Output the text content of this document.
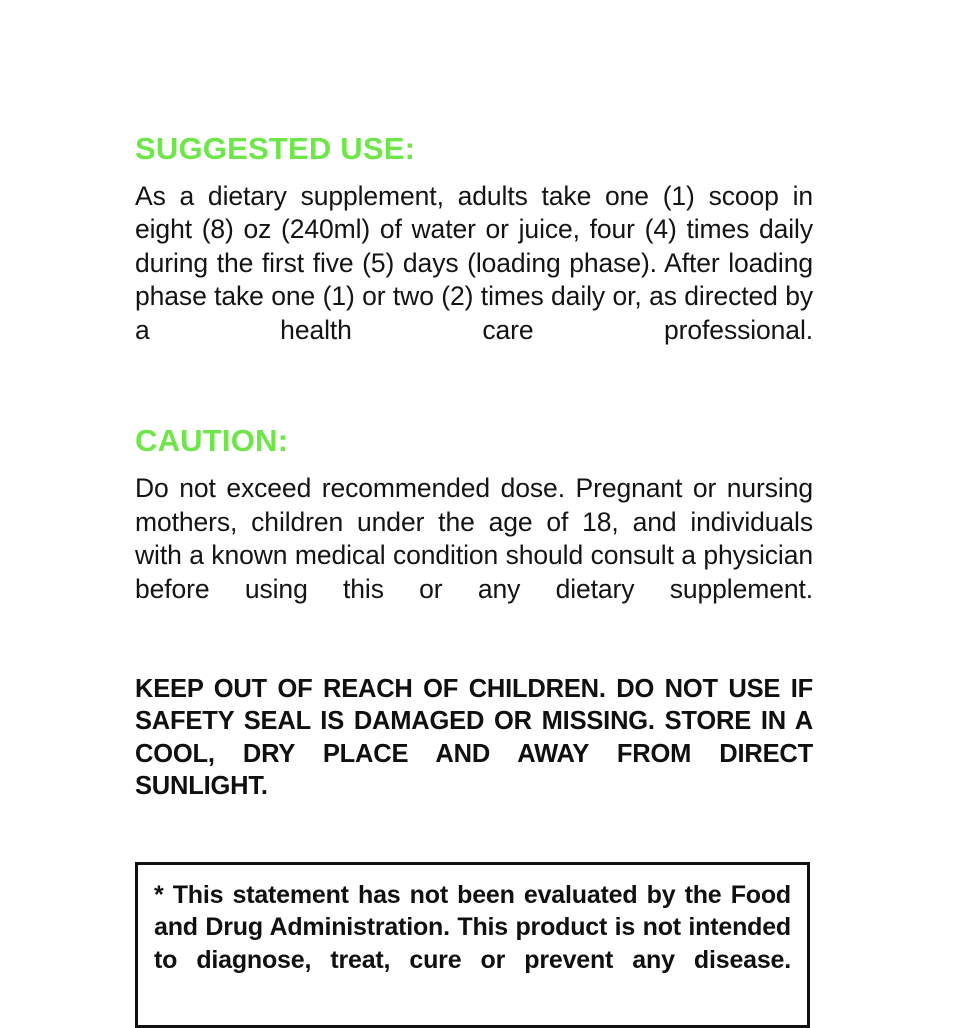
SUGGESTED USE:

As a dietary supplement, adults take one (1) scoop in eight (8) oz (240ml) of water or juice, four (4) times daily during the first five (5) days (loading phase). After loading phase take one (1) or two (2) times daily or, as directed by a health care professional.

CAUTION:

Do not exceed recommended dose. Pregnant or nursing mothers, children under the age of 18, and individuals with a known medical condition should consult a physician before using this or any dietary supplement.

KEEP OUT OF REACH OF CHILDREN. DO NOT USE IF SAFETY SEAL IS DAMAGED OR MISSING. STORE IN A COOL, DRY PLACE AND AWAY FROM DIRECT SUNLIGHT.

* This statement has not been evaluated by the Food and Drug Administration. This product is not intended to diagnose, treat, cure or prevent any disease.
